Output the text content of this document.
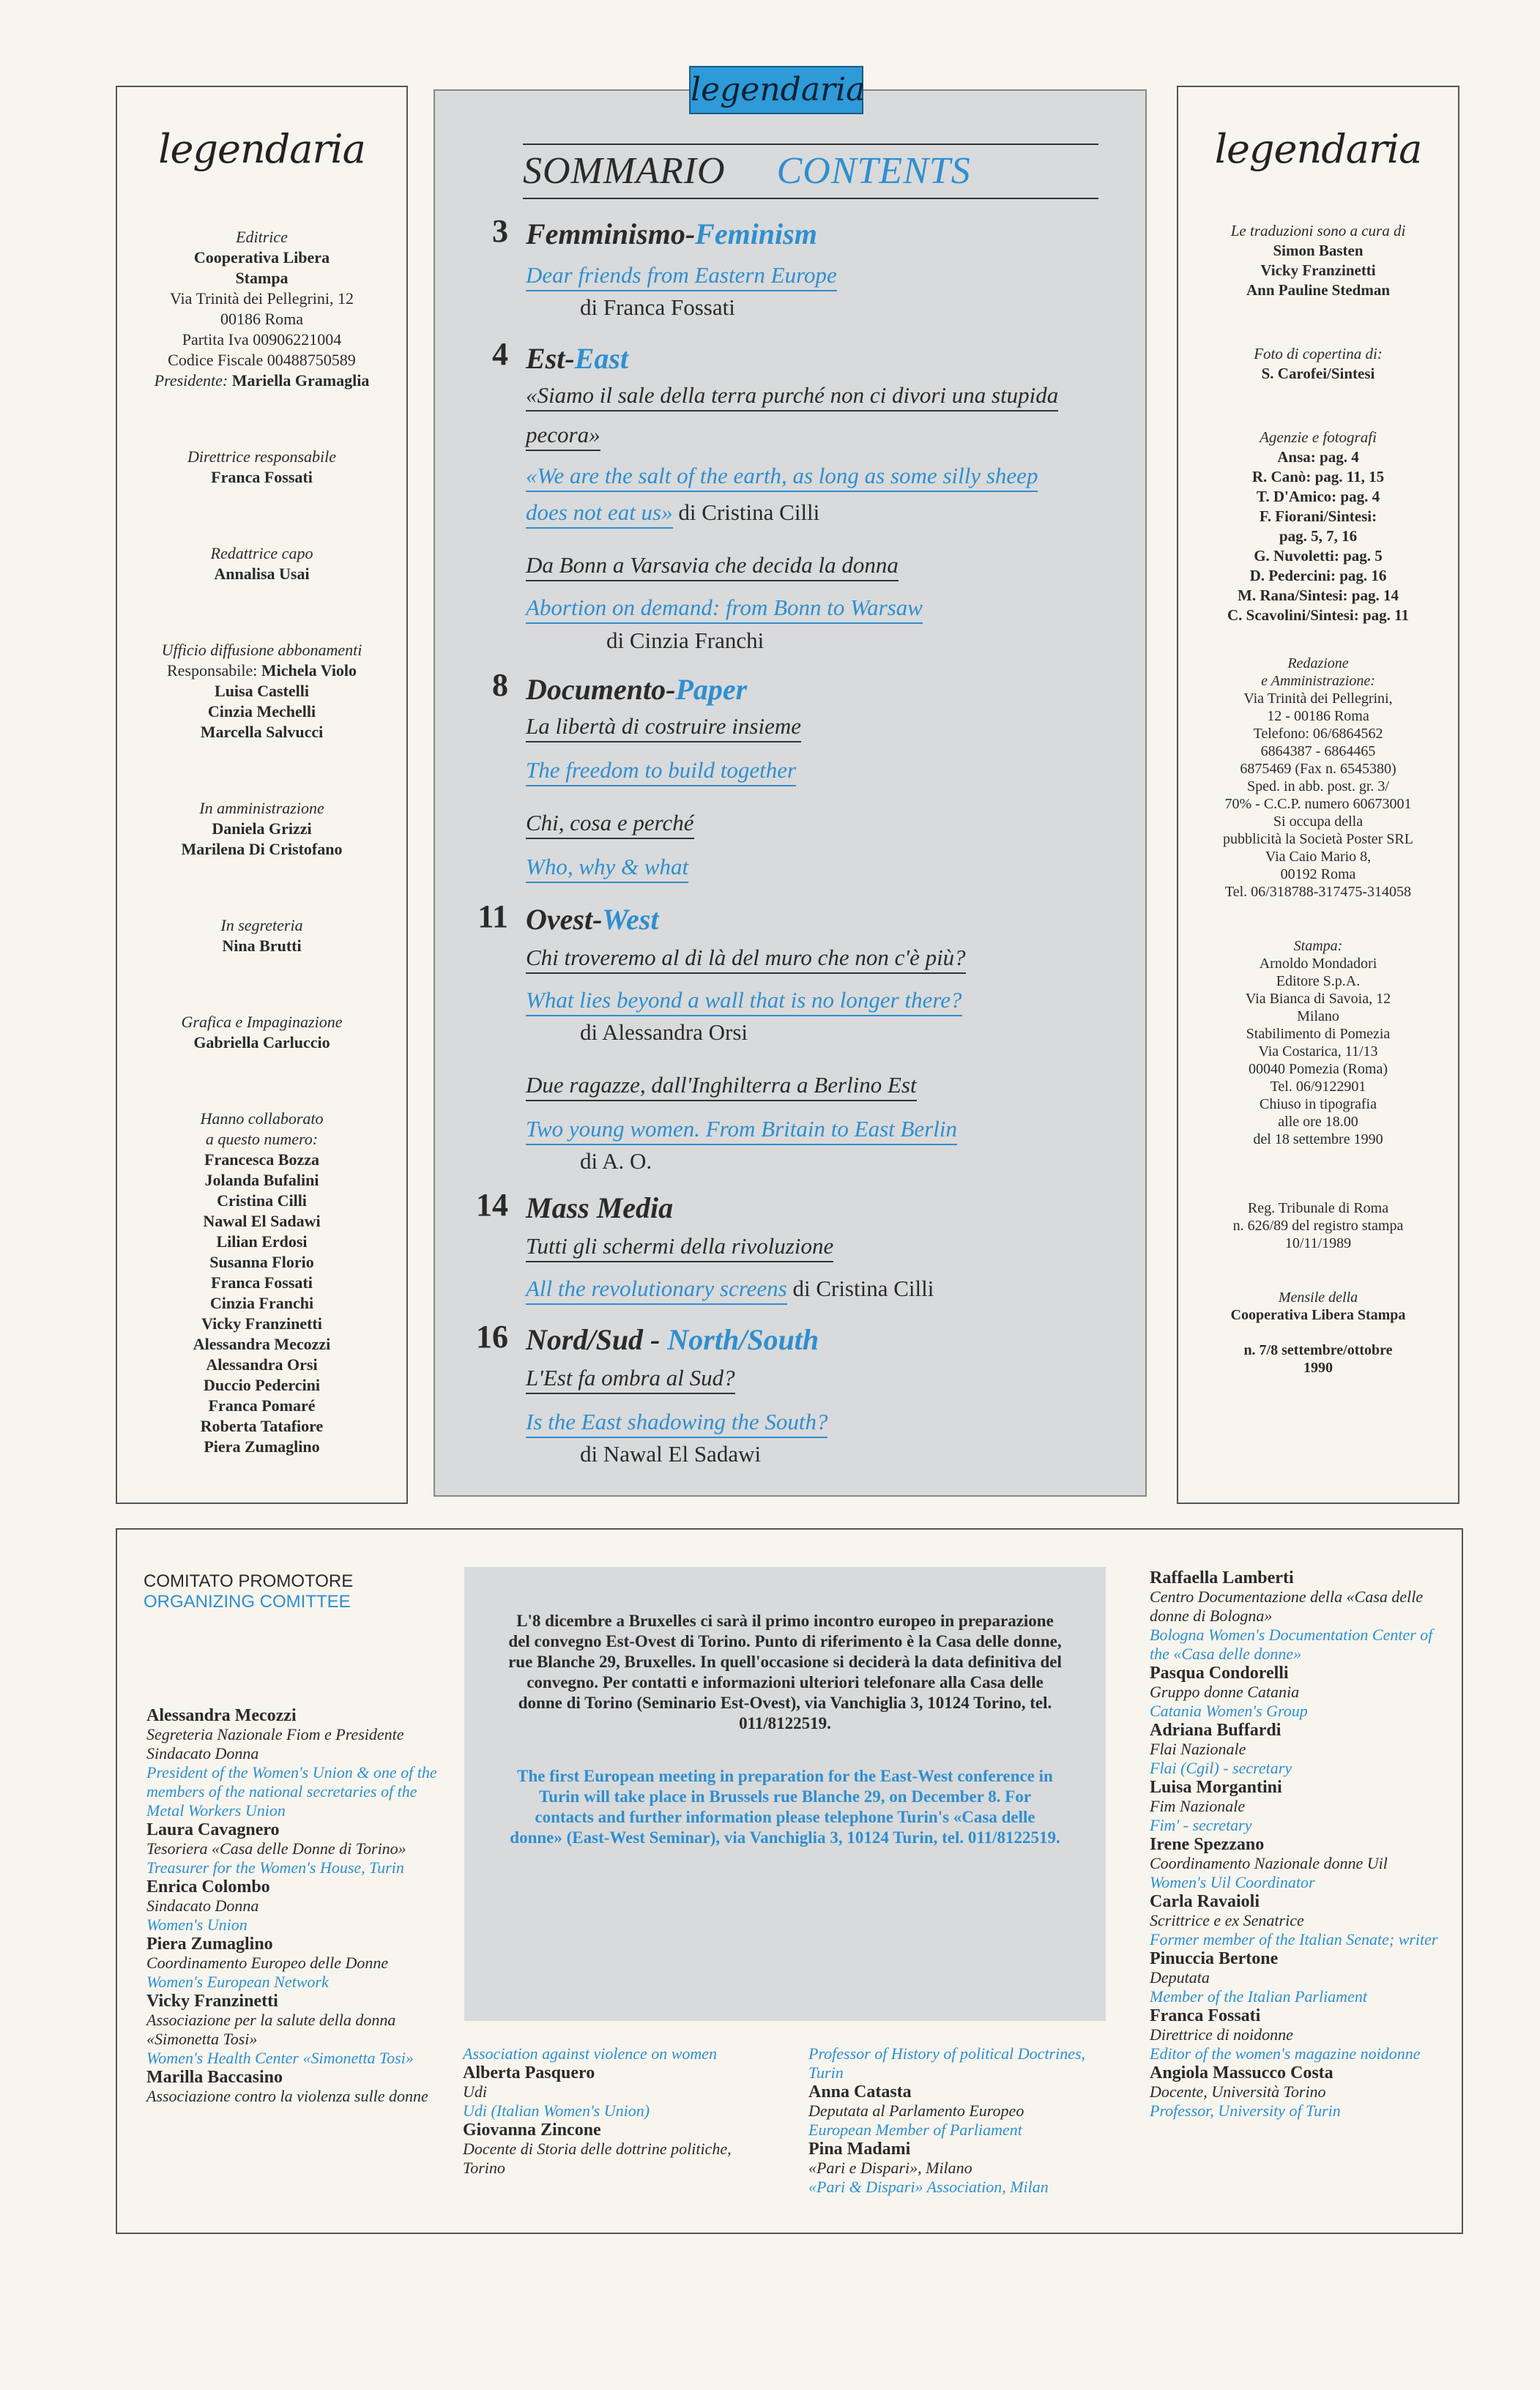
legendaria
Editrice
Cooperativa Libera
Stampa
Via Trinità dei Pellegrini, 12
00186 Roma
Partita Iva 00906221004
Codice Fiscale 00488750589
Presidente: Mariella Gramaglia
Direttrice responsabile
Franca Fossati
Redattrice capo
Annalisa Usai
Ufficio diffusione abbonamenti
Responsabile: Michela Violo
Luisa Castelli
Cinzia Mechelli
Marcella Salvucci
In amministrazione
Daniela Grizzi
Marilena Di Cristofano
In segreteria
Nina Brutti
Grafica e Impaginazione
Gabriella Carluccio
Hanno collaborato
a questo numero:
Francesca Bozza
Jolanda Bufalini
Cristina Cilli
Nawal El Sadawi
Lilian Erdosi
Susanna Florio
Franca Fossati
Cinzia Franchi
Vicky Franzinetti
Alessandra Mecozzi
Alessandra Orsi
Duccio Pedercini
Franca Pomaré
Roberta Tatafiore
Piera Zumaglino
legendaria
SOMMARIO CONTENTS
3 Femminismo-Feminism
Dear friends from Eastern Europe
di Franca Fossati
4 Est-East
«Siamo il sale della terra purché non ci divori una stupida
pecora»
«We are the salt of the earth, as long as some silly sheep
does not eat us» di Cristina Cilli
Da Bonn a Varsavia che decida la donna
Abortion on demand: from Bonn to Warsaw
di Cinzia Franchi
8 Documento-Paper
La libertà di costruire insieme
The freedom to build together
Chi, cosa e perché
Who, why & what
11 Ovest-West
Chi troveremo al di là del muro che non c'è più?
What lies beyond a wall that is no longer there?
di Alessandra Orsi
Due ragazze, dall'Inghilterra a Berlino Est
Two young women. From Britain to East Berlin
di A. O.
14 Mass Media
Tutti gli schermi della rivoluzione
All the revolutionary screens di Cristina Cilli
16 Nord/Sud - North/South
L'Est fa ombra al Sud?
Is the East shadowing the South?
di Nawal El Sadawi
legendaria
Le traduzioni sono a cura di
Simon Basten
Vicky Franzinetti
Ann Pauline Stedman
Foto di copertina di:
S. Carofei/Sintesi
Agenzie e fotografi
Ansa: pag. 4
R. Canò: pag. 11, 15
T. D'Amico: pag. 4
F. Fiorani/Sintesi:
pag. 5, 7, 16
G. Nuvoletti: pag. 5
D. Pedercini: pag. 16
M. Rana/Sintesi: pag. 14
C. Scavolini/Sintesi: pag. 11
Redazione
e Amministrazione:
Via Trinità dei Pellegrini,
12 - 00186 Roma
Telefono: 06/6864562
6864387 - 6864465
6875469 (Fax n. 6545380)
Sped. in abb. post. gr. 3/
70% - C.C.P. numero 60673001
Si occupa della
pubblicità la Società Poster SRL
Via Caio Mario 8,
00192 Roma
Tel. 06/318788-317475-314058
Stampa:
Arnoldo Mondadori
Editore S.p.A.
Via Bianca di Savoia, 12
Milano
Stabilimento di Pomezia
Via Costarica, 11/13
00040 Pomezia (Roma)
Tel. 06/9122901
Chiuso in tipografia
alle ore 18.00
del 18 settembre 1990
Reg. Tribunale di Roma
n. 626/89 del registro stampa
10/11/1989
Mensile della
Cooperativa Libera Stampa
n. 7/8 settembre/ottobre
1990
COMITATO PROMOTORE
ORGANIZING COMITTEE
Alessandra Mecozzi
Segreteria Nazionale Fiom e Presidente Sindacato Donna
President of the Women's Union & one of the members of the national secretaries of the Metal Workers Union
Laura Cavagnero
Tesoriera «Casa delle Donne di Torino»
Treasurer for the Women's House, Turin
Enrica Colombo
Sindacato Donna
Women's Union
Piera Zumaglino
Coordinamento Europeo delle Donne
Women's European Network
Vicky Franzinetti
Associazione per la salute della donna «Simonetta Tosi»
Women's Health Center «Simonetta Tosi»
Marilla Baccasino
Associazione contro la violenza sulle donne
L'8 dicembre a Bruxelles ci sarà il primo incontro europeo in preparazione del convegno Est-Ovest di Torino. Punto di riferimento è la Casa delle donne, rue Blanche 29, Bruxelles. In quell'occasione si deciderà la data definitiva del convegno. Per contatti e informazioni ulteriori telefonare alla Casa delle donne di Torino (Seminario Est-Ovest), via Vanchiglia 3, 10124 Torino, tel. 011/8122519.
The first European meeting in preparation for the East-West conference in Turin will take place in Brussels rue Blanche 29, on December 8. For contacts and further information please telephone Turin's «Casa delle donne» (East-West Seminar), via Vanchiglia 3, 10124 Turin, tel. 011/8122519.
Association against violence on women
Alberta Pasquero
Udi
Udi (Italian Women's Union)
Giovanna Zincone
Docente di Storia delle dottrine politiche, Torino
Professor of History of political Doctrines, Turin
Anna Catasta
Deputata al Parlamento Europeo
European Member of Parliament
Pina Madami
«Pari e Dispari», Milano
«Pari & Dispari» Association, Milan
Raffaella Lamberti
Centro Documentazione della «Casa delle donne di Bologna»
Bologna Women's Documentation Center of the «Casa delle donne»
Pasqua Condorelli
Gruppo donne Catania
Catania Women's Group
Adriana Buffardi
Flai Nazionale
Flai (Cgil) - secretary
Luisa Morgantini
Fim Nazionale
Fim' - secretary
Irene Spezzano
Coordinamento Nazionale donne Uil
Women's Uil Coordinator
Carla Ravaioli
Scrittrice e ex Senatrice
Former member of the Italian Senate; writer
Pinuccia Bertone
Deputata
Member of the Italian Parliament
Franca Fossati
Direttrice di noidonne
Editor of the women's magazine noidonne
Angiola Massucco Costa
Docente, Università Torino
Professor, University of Turin
